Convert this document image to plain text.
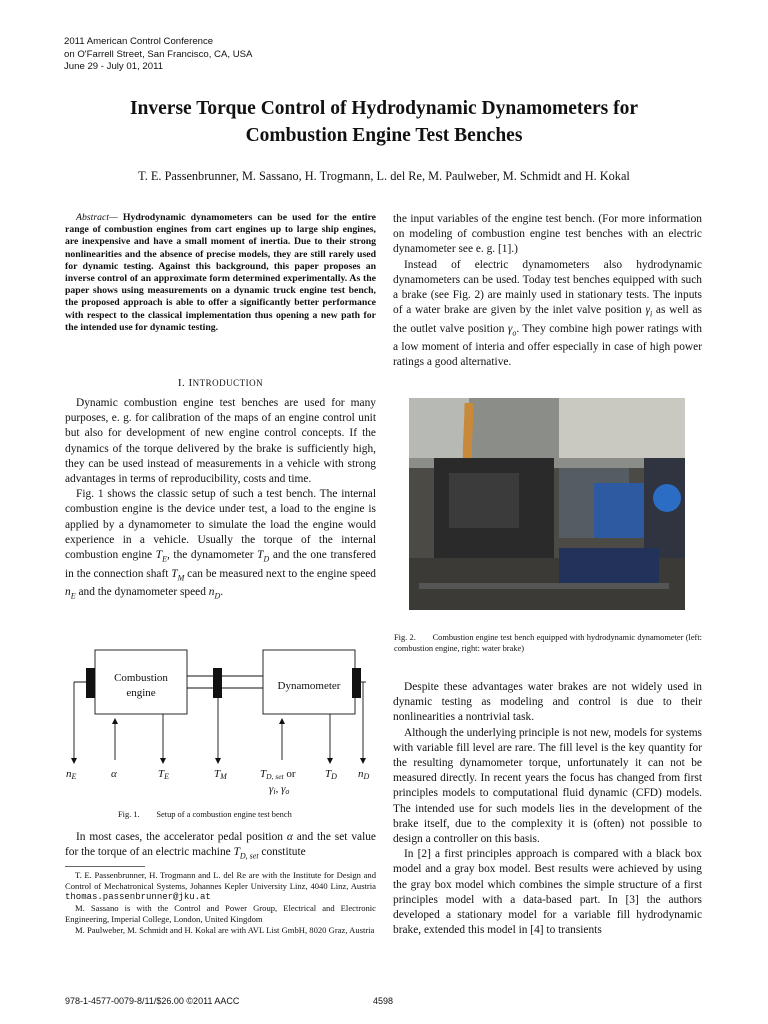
2011 American Control Conference
on O'Farrell Street, San Francisco, CA, USA
June 29 - July 01, 2011
Inverse Torque Control of Hydrodynamic Dynamometers for
Combustion Engine Test Benches
T. E. Passenbrunner, M. Sassano, H. Trogmann, L. del Re, M. Paulweber, M. Schmidt and H. Kokal
Abstract— Hydrodynamic dynamometers can be used for the entire range of combustion engines from cart engines up to large ship engines, are inexpensive and have a small moment of inertia. Due to their strong nonlinearities and the absence of precise models, they are still rarely used for dynamic testing. Against this background, this paper proposes an inverse control of an approximate form determined experimentally. As the paper shows using measurements on a dynamic truck engine test bench, the proposed approach is able to offer a significantly better performance with respect to the classical implementation thus opening a new path for the intended use for dynamic testing.
I. INTRODUCTION

Dynamic combustion engine test benches are used for many purposes, e. g. for calibration of the maps of an engine control unit but also for development of new engine control concepts. If the dynamics of the torque delivered by the brake is sufficiently high, they can be used instead of measurements in a vehicle with strong advantages in terms of reproducibility, costs and time.

Fig. 1 shows the classic setup of such a test bench. The internal combustion engine is the device under test, a load to the engine is applied by a dynamometer to simulate the load the engine would experience in a vehicle. Usually the torque of the internal combustion engine $T_E$, the dynamometer $T_D$ and the one transfered in the connection shaft $T_M$ can be measured next to the engine speed $n_E$ and the dynamometer speed $n_D$.

Combustion
engine
Dynamometer
nE	α	TE	TM	TD, set or
γi, γo
TD nD
Fig. 1.  Setup of a combustion engine test bench

In most cases, the accelerator pedal position α and the set value for the torque of an electric machine $T_{D, set}$ constitute

T. E. Passenbrunner, H. Trogmann and L. del Re are with the Institute for Design and Control of Mechatronical Systems, Johannes Kepler University Linz, 4040 Linz, Austria thomas.passenbrunner@jku.at

M. Sassano is with the Control and Power Group, Electrical and Electronic Engineering, Imperial College, London, United Kingdom

M. Paulweber, M. Schmidt and H. Kokal are with AVL List GmbH, 8020 Graz, Austria

the input variables of the engine test bench. (For more information on modeling of combustion engine test benches with an electric dynamometer see e. g. [1].)

Instead of electric dynamometers also hydrodynamic dynamometers can be used. Today test benches equipped with such a brake (see Fig. 2) are mainly used in stationary tests. The inputs of a water brake are given by the inlet valve position $\gamma_i$ as well as the outlet valve position $\gamma_o$. They combine high power ratings with a low moment of interia and offer especially in case of high power ratings a good alternative.

Fig. 2.  Combustion engine test bench equipped with hydrodynamic dynamometer (left: combustion engine, right: water brake)

Despite these advantages water brakes are not widely used in dynamic testing as modeling and control is due to their nonlinearities a nontrivial task.

Although the underlying principle is not new, models for systems with variable fill level are rare. The fill level is the key quantity for the resulting dynamometer torque, unfortunately it can not be measured directly. In recent years the focus has changed from first principles models to computational fluid dynamic (CFD) models. The intended use for such models lies in the development of the brake itself, due to the complexity it is (often) not possible to design a controller on this basis.

In [2] a first principles approach is compared with a black box model and a gray box model. Best results were achieved by using the gray box model which combines the simple structure of a first principles model with a data-based part. In [3] the authors developed a stationary model for a variable fill hydrodynamic brake, extended this model in [4] to transients

978-1-4577-0079-8/11/$26.00 ©2011 AACC	4598
